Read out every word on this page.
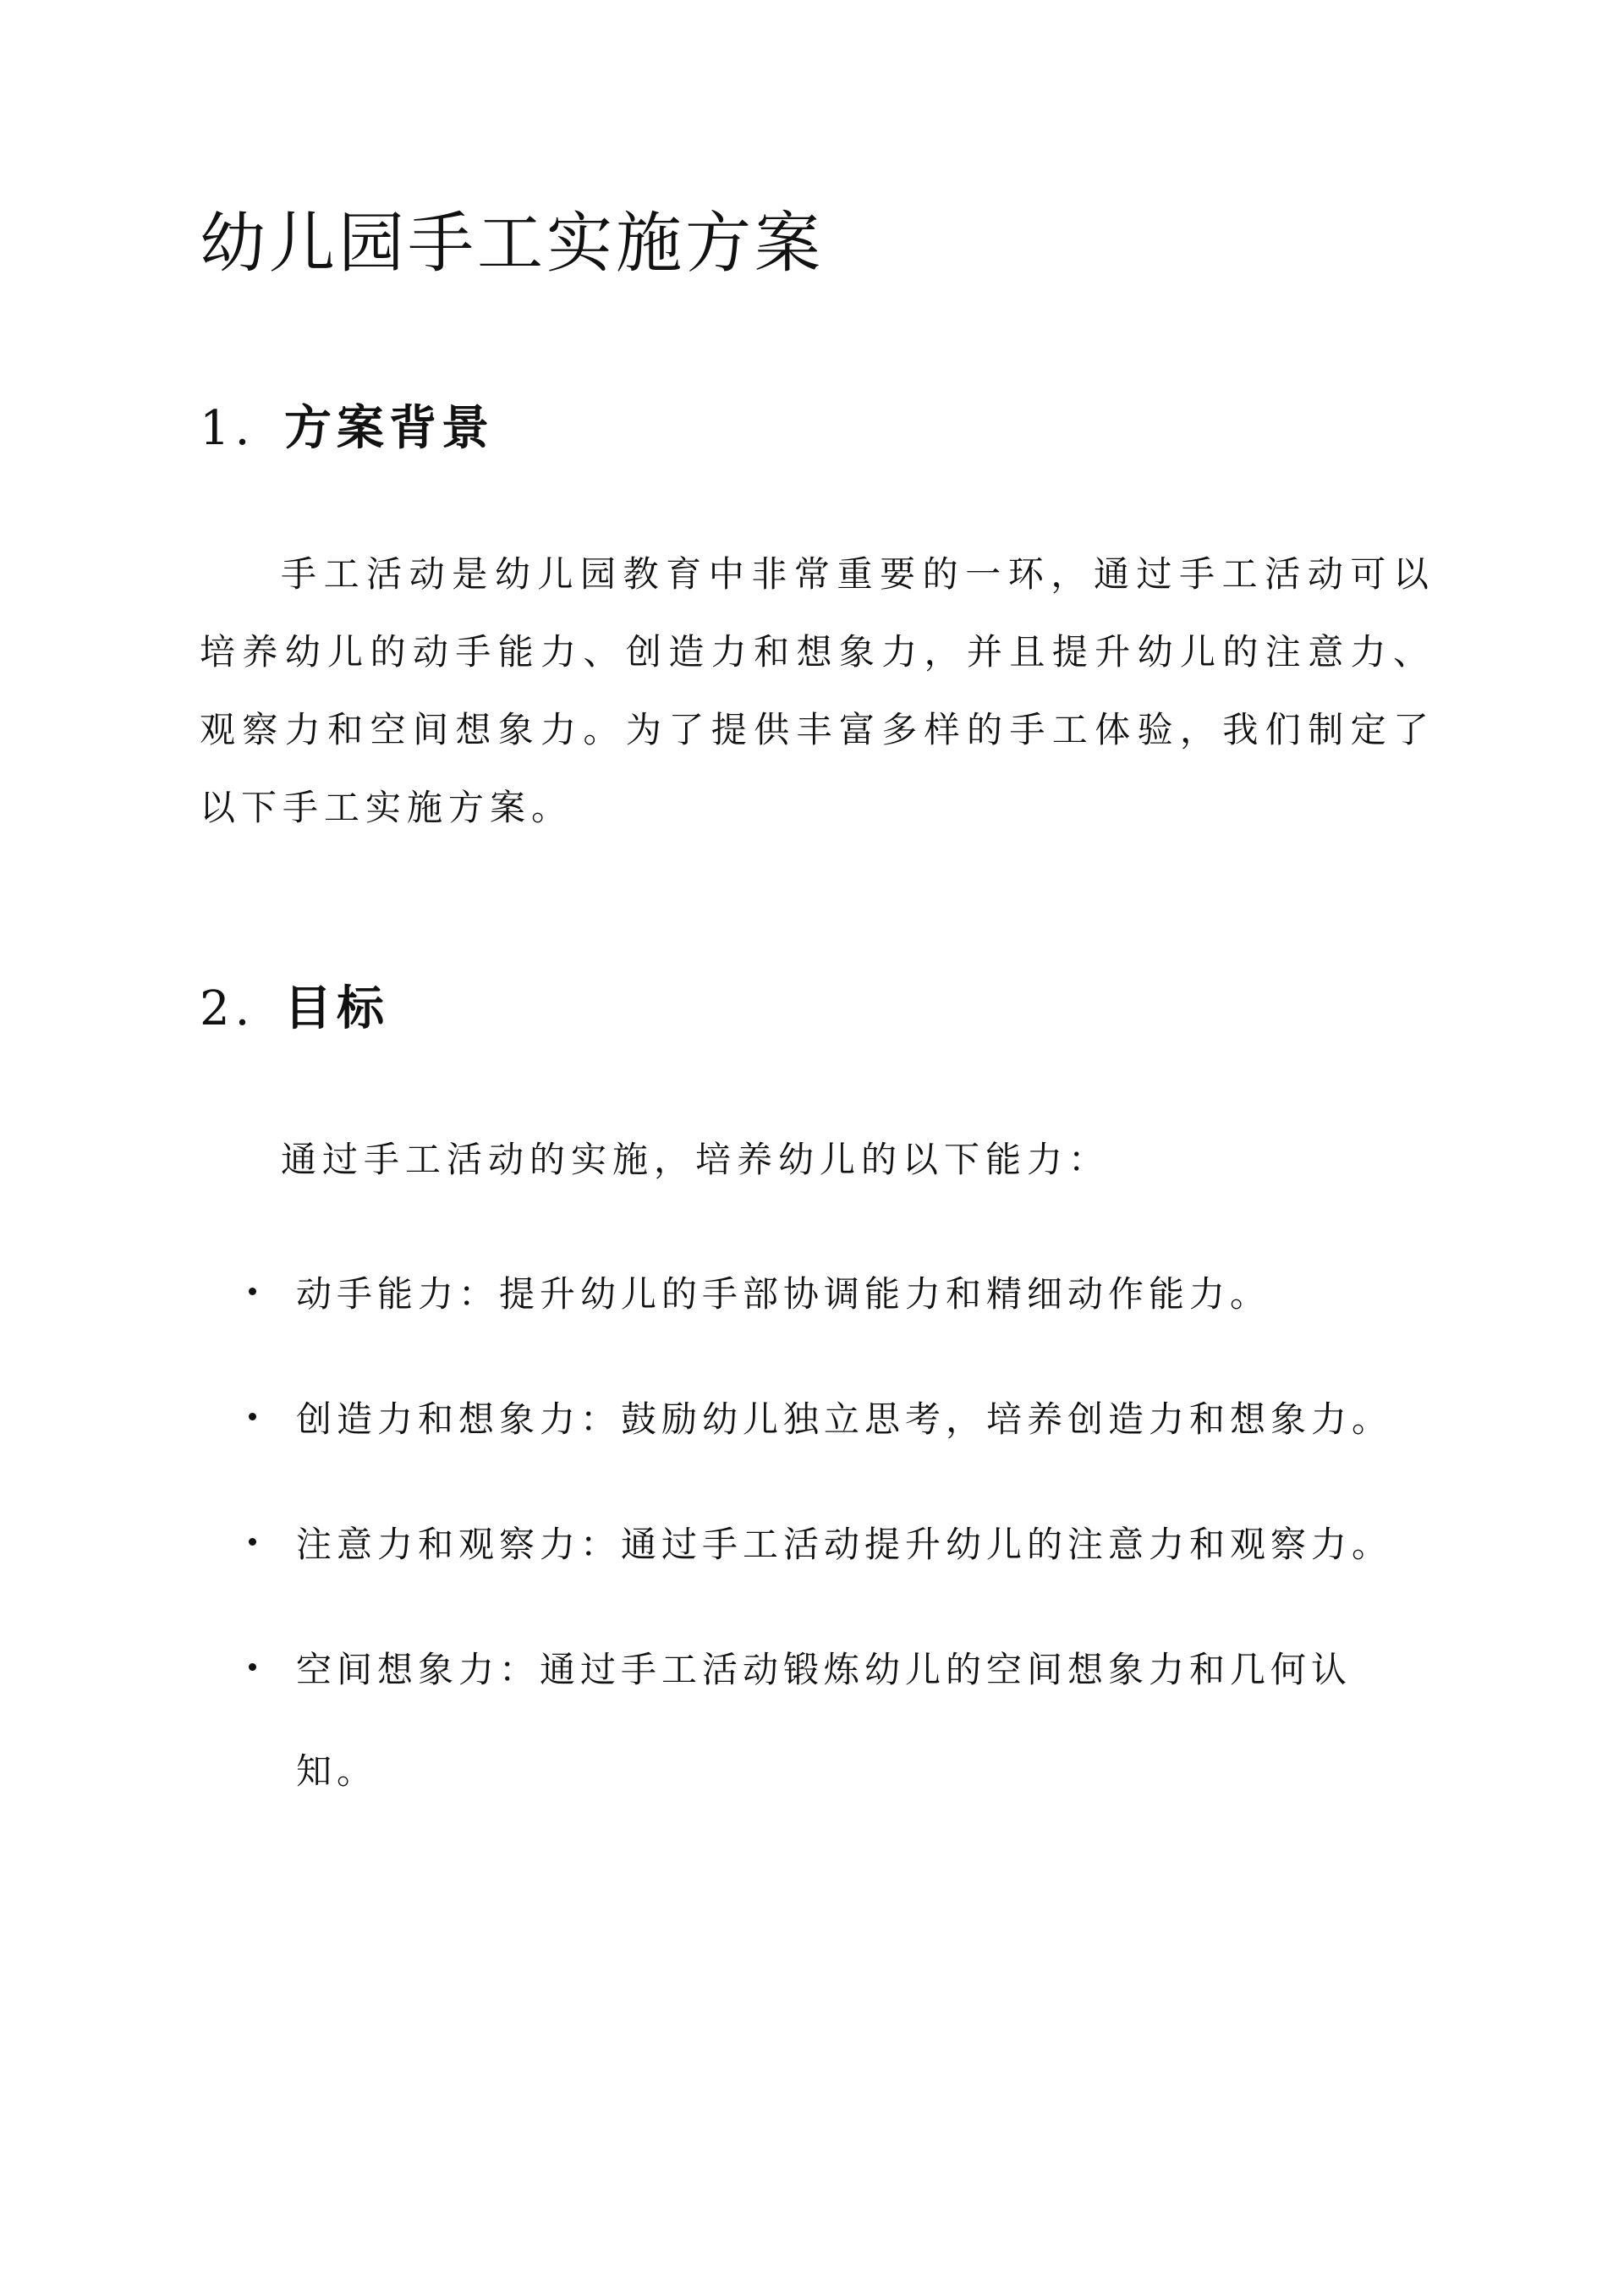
幼儿园手工实施方案
1. 方案背景

手工活动是幼儿园教育中非常重要的一环，通过手工活动可以培养幼儿的动手能力、创造力和想象力，并且提升幼儿的注意力、观察力和空间想象力。为了提供丰富多样的手工体验，我们制定了以下手工实施方案。

2. 目标

通过手工活动的实施，培养幼儿的以下能力：

动手能力：提升幼儿的手部协调能力和精细动作能力。
创造力和想象力：鼓励幼儿独立思考，培养创造力和想象力。
注意力和观察力：通过手工活动提升幼儿的注意力和观察力。
空间想象力：通过手工活动锻炼幼儿的空间想象力和几何认知。
